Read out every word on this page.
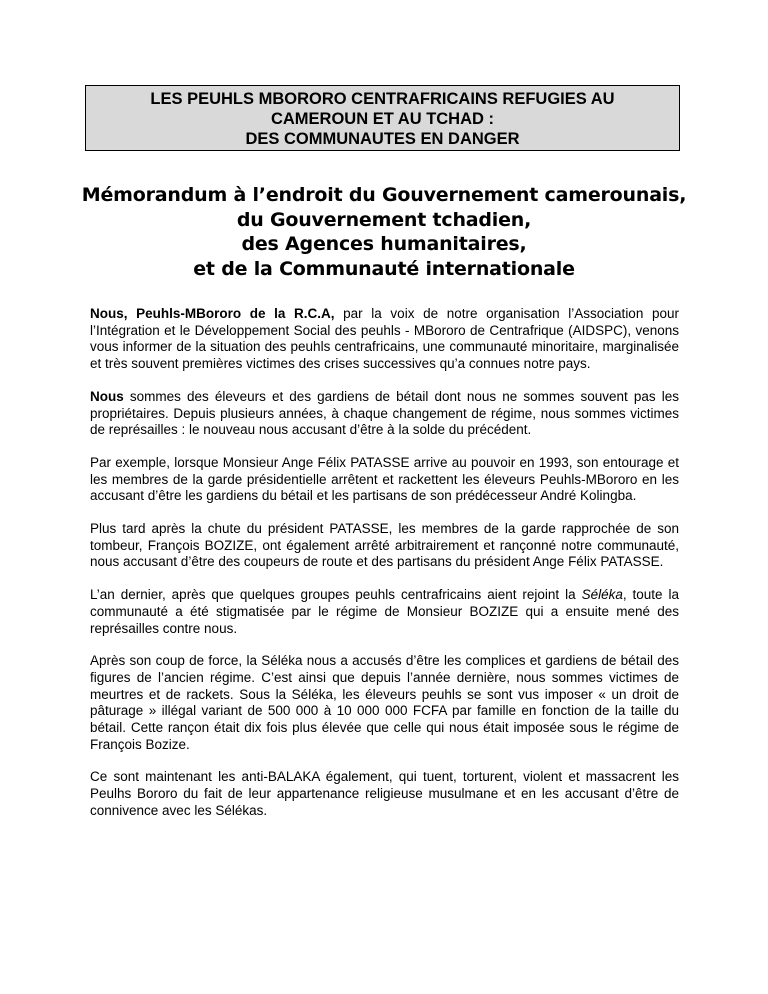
LES PEUHLS MBORORO CENTRAFRICAINS REFUGIES AU
CAMEROUN ET AU TCHAD :
DES COMMUNAUTES EN DANGER
Mémorandum à l’endroit du Gouvernement camerounais,
du Gouvernement tchadien,
des Agences humanitaires,
et de la Communauté internationale

Nous, Peuhls-MBororo de la R.C.A, par la voix de notre organisation l’Association pour l’Intégration et le Développement Social des peuhls - MBororo de Centrafrique (AIDSPC), venons vous informer de la situation des peuhls centrafricains, une communauté minoritaire, marginalisée et très souvent premières victimes des crises successives qu’a connues notre pays.

Nous sommes des éleveurs et des gardiens de bétail dont nous ne sommes souvent pas les propriétaires. Depuis plusieurs années, à chaque changement de régime, nous sommes victimes de représailles : le nouveau nous accusant d’être à la solde du précédent.

Par exemple, lorsque Monsieur Ange Félix PATASSE arrive au pouvoir en 1993, son entourage et les membres de la garde présidentielle arrêtent et rackettent les éleveurs Peuhls-MBororo en les accusant d’être les gardiens du bétail et les partisans de son prédécesseur André Kolingba.

Plus tard après la chute du président PATASSE, les membres de la garde rapprochée de son tombeur, François BOZIZE, ont également arrêté arbitrairement et rançonné notre communauté, nous accusant d’être des coupeurs de route et des partisans du président Ange Félix PATASSE.

L’an dernier, après que quelques groupes peuhls centrafricains aient rejoint la Séléka, toute la communauté a été stigmatisée par le régime de Monsieur BOZIZE qui a ensuite mené des représailles contre nous.

Après son coup de force, la Séléka nous a accusés d’être les complices et gardiens de bétail des figures de l’ancien régime. C’est ainsi que depuis l’année dernière, nous sommes victimes de meurtres et de rackets. Sous la Séléka, les éleveurs peuhls se sont vus imposer « un droit de pâturage » illégal variant de 500 000 à 10 000 000 FCFA par famille en fonction de la taille du bétail. Cette rançon était dix fois plus élevée que celle qui nous était imposée sous le régime de François Bozize.

Ce sont maintenant les anti-BALAKA également, qui tuent, torturent, violent et massacrent les Peulhs Bororo du fait de leur appartenance religieuse musulmane et en les accusant d’être de connivence avec les Sélékas.
